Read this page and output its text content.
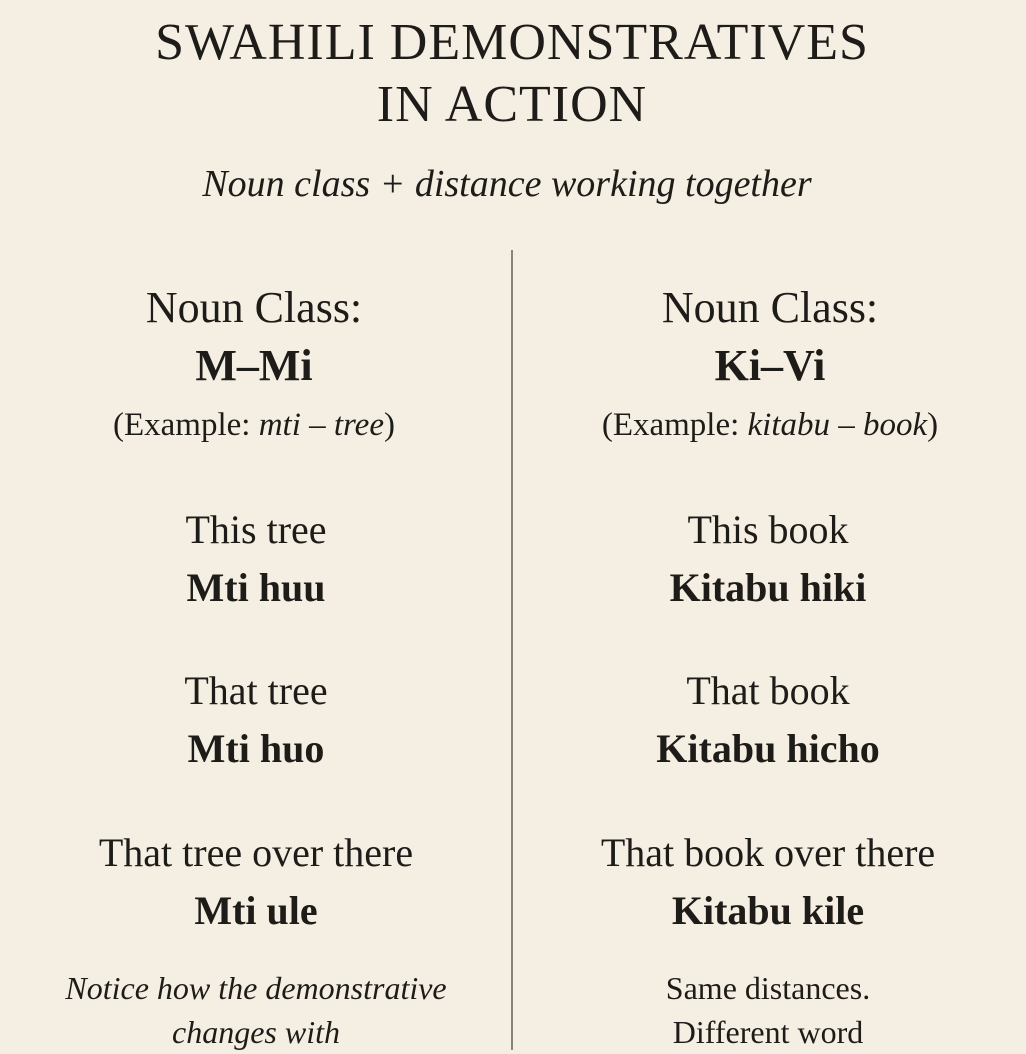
SWAHILI DEMONSTRATIVES
IN ACTION

Noun class + distance working together

Noun Class:
M–Mi
(Example: mti – tree)
This tree
Mti huu
That tree
Mti huo
That tree over there
Mti ule
Notice how the demonstrative
changes with
Noun Class:
Ki–Vi
(Example: kitabu – book)
This book
Kitabu hiki
That book
Kitabu hicho
That book over there
Kitabu kile
Same distances.
Different word
